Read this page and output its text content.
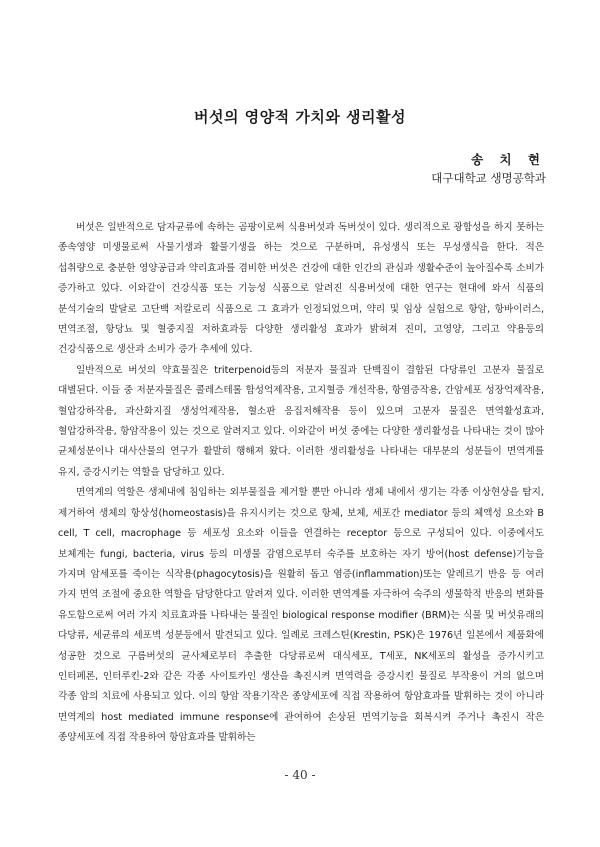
버섯의 영양적 가치와 생리활성
송 치 현
대구대학교 생명공학과

버섯은 일반적으로 담자균류에 속하는 곰팡이로써 식용버섯과 독버섯이 있다. 생리적으로 광합성을 하지 못하는 종속영양 미생물로써 사물기생과 활물기생을 하는 것으로 구분하며, 유성생식 또는 무성생식을 한다. 적은 섭취량으로 충분한 영양공급과 약리효과를 겸비한 버섯은 건강에 대한 인간의 관심과 생활수준이 높아질수록 소비가 증가하고 있다. 이와같이 건강식품 또는 기능성 식품으로 알려진 식용버섯에 대한 연구는 현대에 와서 식품의 분석기술의 발달로 고단백 저칼로리 식품으로 그 효과가 인정되었으며, 약리 및 임상 실험으로 항암, 항바이러스, 면역조절, 항당뇨 및 혈중지질 저하효과등 다양한 생리활성 효과가 밝혀져 진미, 고영양, 그리고 약용등의 건강식품으로 생산과 소비가 증가 추세에 있다.

일반적으로 버섯의 약효물질은 triterpenoid등의 저분자 물질과 단백질이 결합된 다당류인 고분자 물질로 대별된다. 이들 중 저분자물질은 콜레스테롤 합성억제작용, 고지혈증 개선작용, 항염증작용, 간암세포 성장억제작용, 혈압강하작용, 과산화지질 생성억제작용, 혈소판 응집저해작용 등이 있으며 고분자 물질은 면역활성효과, 혈압강하작용, 항암작용이 있는 것으로 알려지고 있다. 이와같이 버섯 중에는 다양한 생리활성을 나타내는 것이 많아 균체성분이나 대사산물의 연구가 활발히 행해져 왔다. 이러한 생리활성을 나타내는 대부분의 성분들이 면역계를 유지, 증강시키는 역할을 담당하고 있다.

면역계의 역할은 생체내에 침입하는 외부물질을 제거할 뿐만 아니라 생체 내에서 생기는 각종 이상현상을 탐지, 제거하여 생체의 항상성(homeostasis)을 유지시키는 것으로 항체, 보체, 세포간 mediator 등의 체액성 요소와 B cell, T cell, macrophage 등 세포성 요소와 이들을 연결하는 receptor 등으로 구성되어 있다. 이중에서도 보체계는 fungi, bacteria, virus 등의 미생물 감염으로부터 숙주를 보호하는 자기 방어(host defense)기능을 가지며 암세포를 죽이는 식작용(phagocytosis)을 원활히 돕고 염증(inflammation)또는 알레르기 반응 등 여러 가지 면역 조절에 중요한 역할을 담당한다고 알려져 있다. 이러한 면역계를 자극하여 숙주의 생물학적 반응의 변화를 유도함으로써 여러 가지 치료효과를 나타내는 물질인 biological response modifier (BRM)는 식물 및 버섯유래의 다당류, 세균류의 세포벽 성분등에서 발견되고 있다. 일례로 크레스틴(Krestin, PSK)은 1976년 일본에서 제품화에 성공한 것으로 구름버섯의 균사체로부터 추출한 다당류로써 대식세포, T세포, NK세포의 활성을 증가시키고 인터페론, 인터루킨-2와 같은 각종 사이토카인 생산을 촉진시켜 면역력을 증강시킨 물질로 부작용이 거의 없으며 각종 암의 치료에 사용되고 있다. 이의 항암 작용기작은 종양세포에 직접 작용하여 항암효과를 발휘하는 것이 아니라 면역계의 host mediated immune response에 관여하여 손상된 면역기능을 회복시켜 주거나 촉진시 작은 종양세포에 직접 작용하여 항암효과를 발휘하는

- 40 -
